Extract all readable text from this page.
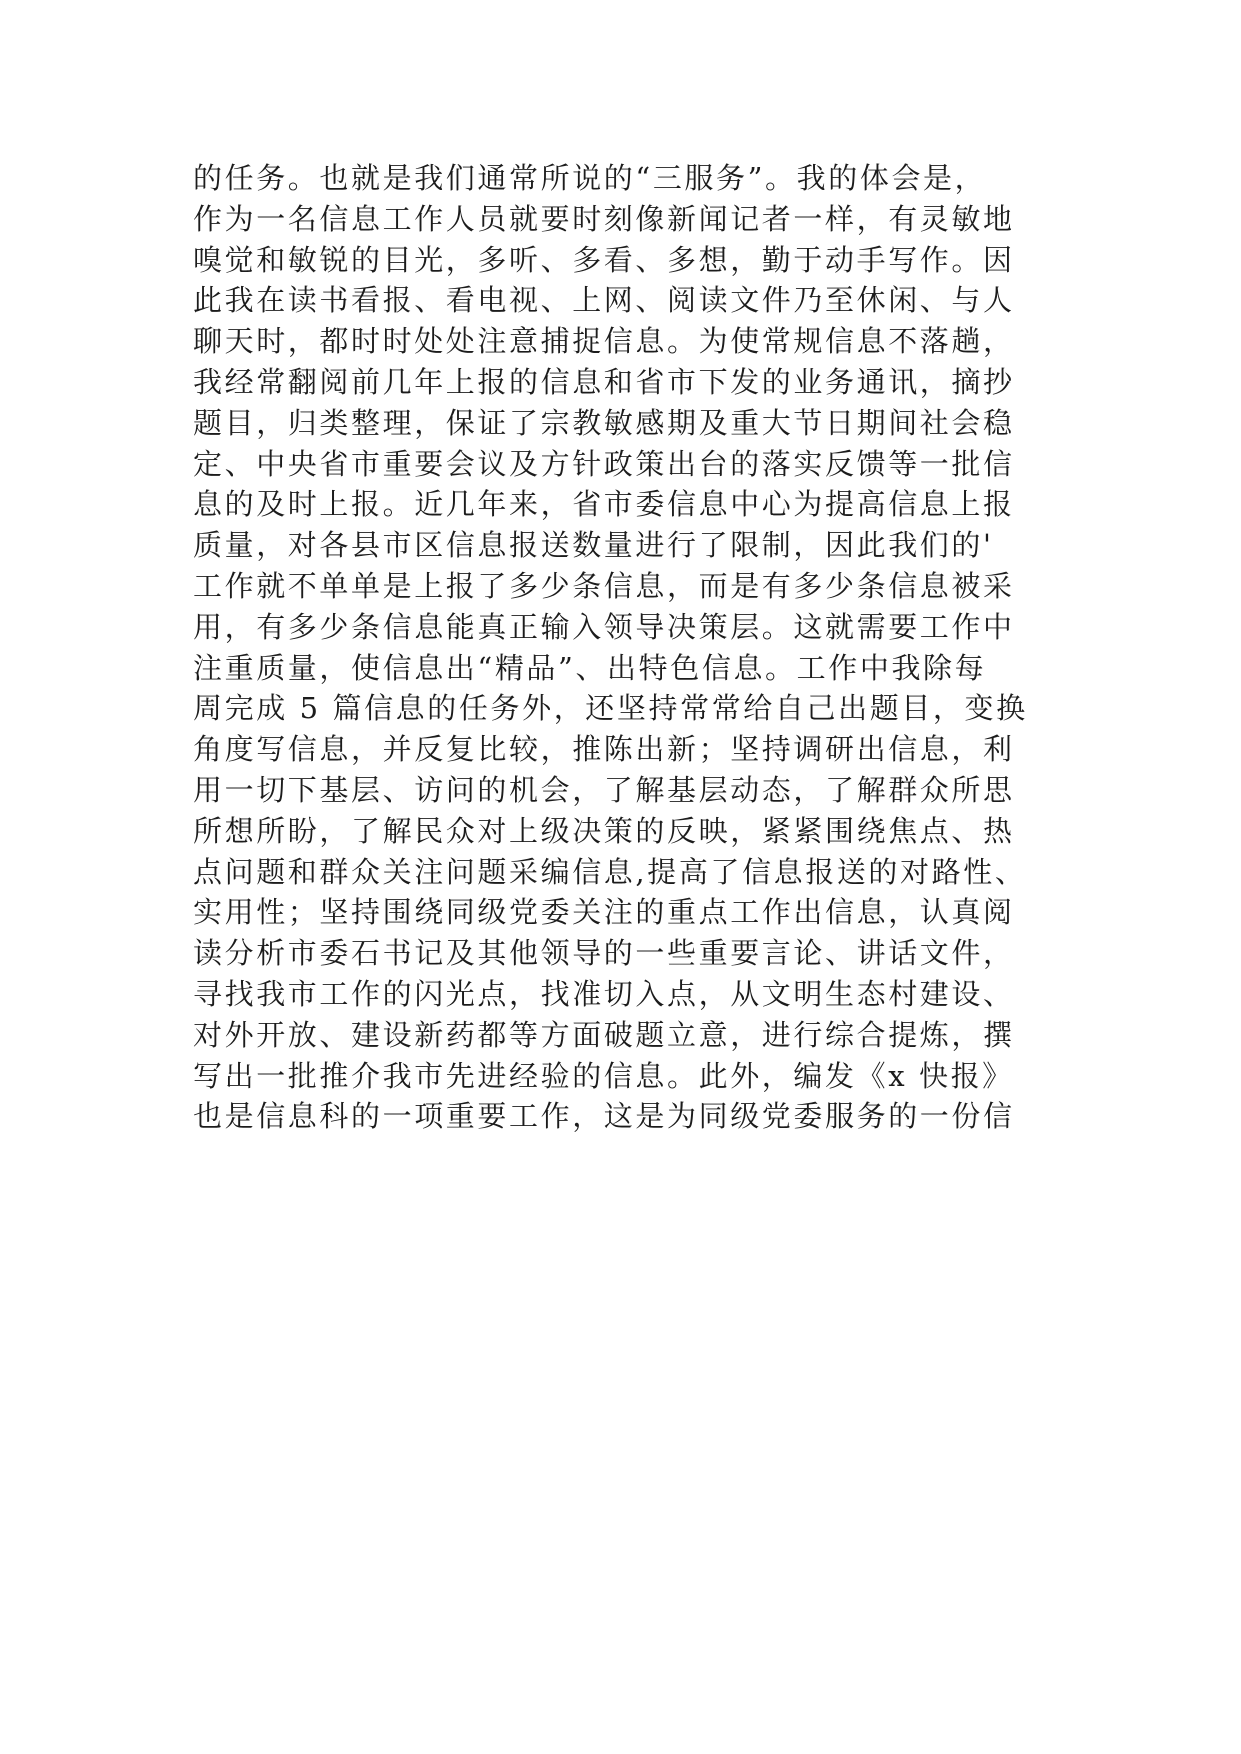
的任务。也就是我们通常所说的“三服务”。我的体会是，
作为一名信息工作人员就要时刻像新闻记者一样，有灵敏地
嗅觉和敏锐的目光，多听、多看、多想，勤于动手写作。因
此我在读书看报、看电视、上网、阅读文件乃至休闲、与人
聊天时，都时时处处注意捕捉信息。为使常规信息不落趟，
我经常翻阅前几年上报的信息和省市下发的业务通讯，摘抄
题目，归类整理，保证了宗教敏感期及重大节日期间社会稳
定、中央省市重要会议及方针政策出台的落实反馈等一批信
息的及时上报。近几年来，省市委信息中心为提高信息上报
质量，对各县市区信息报送数量进行了限制，因此我们的'
工作就不单单是上报了多少条信息，而是有多少条信息被采
用，有多少条信息能真正输入领导决策层。这就需要工作中
注重质量，使信息出“精品”、出特色信息。工作中我除每
周完成 5 篇信息的任务外，还坚持常常给自己出题目，变换
角度写信息，并反复比较，推陈出新；坚持调研出信息，利
用一切下基层、访问的机会，了解基层动态，了解群众所思
所想所盼，了解民众对上级决策的反映，紧紧围绕焦点、热
点问题和群众关注问题采编信息,提高了信息报送的对路性、
实用性；坚持围绕同级党委关注的重点工作出信息，认真阅
读分析市委石书记及其他领导的一些重要言论、讲话文件，
寻找我市工作的闪光点，找准切入点，从文明生态村建设、
对外开放、建设新药都等方面破题立意，进行综合提炼，撰
写出一批推介我市先进经验的信息。此外，编发《x 快报》
也是信息科的一项重要工作，这是为同级党委服务的一份信
